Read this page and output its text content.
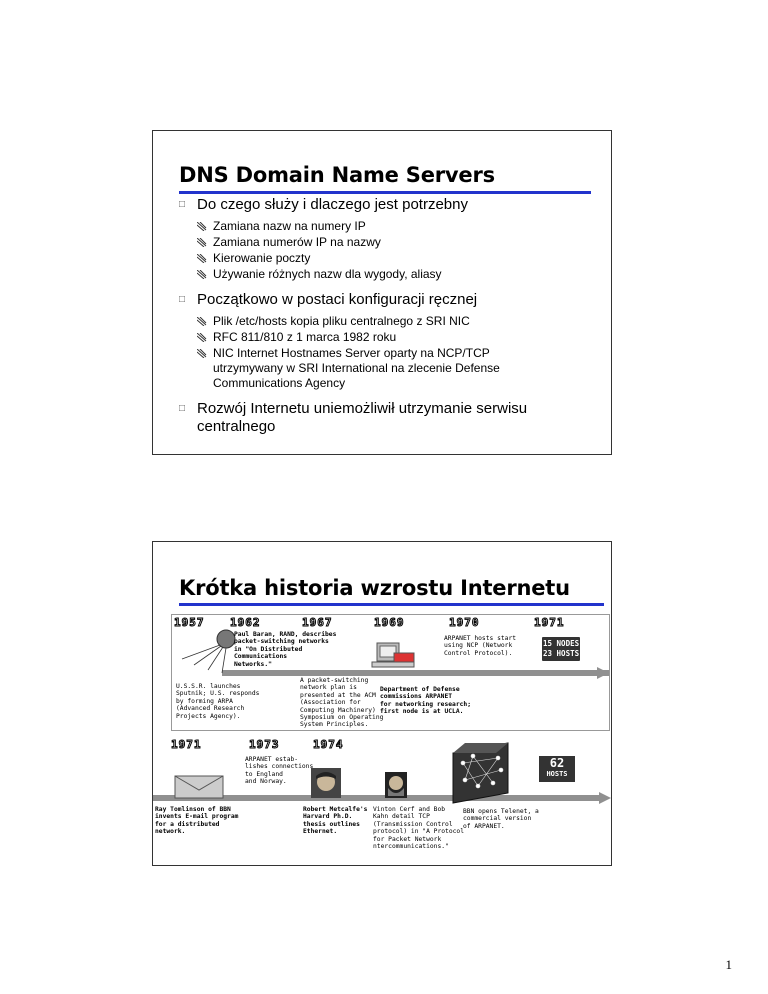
DNS Domain Name Servers
□ Do czego służy i dlaczego jest potrzebny
Zamiana nazw na numery IP
Zamiana numerów IP na nazwy
Kierowanie poczty
Używanie różnych nazw dla wygody, aliasy
□ Początkowo w postaci konfiguracji ręcznej
Plik /etc/hosts kopia pliku centralnego z SRI NIC
RFC 811/810 z 1 marca 1982 roku
NIC Internet Hostnames Server oparty na NCP/TCP
utrzymywany w SRI International na zlecenie Defense
Communications Agency
□ Rozwój Internetu uniemożliwił utrzymanie serwisu
centralnego
Krótka historia wzrostu Internetu
15 NODES
23 HOSTS
1957 1962	1967	1969	1970	1971
Paul Baran, RAND, describes
packet-switching networks
in "On Distributed
Communications
Networks."
ARPANET hosts start
using NCP (Network
Control Protocol).
U.S.S.R. launches
Sputnik; U.S. responds
by forming ARPA
(Advanced Research
Projects Agency).
A packet-switching
network plan is
presented at the ACM
(Association for
Computing Machinery)
Symposium on Operating
System Principles.
Department of Defense
commissions ARPANET
for networking research;
first node is at UCLA.
62
HOSTS
1971	1973	1974
ARPANET estab-
lishes connections
to England
and Norway.
Ray Tomlinson of BBN
invents E-mail program
for a distributed
network.
Robert Metcalfe's
Harvard Ph.D.
thesis outlines
Ethernet.
Vinton Cerf and Bob
Kahn detail TCP
(Transmission Control
protocol) in "A Protocol
for Packet Network
ntercommunications."
BBN opens Telenet, a
commercial version
of ARPANET.
1
